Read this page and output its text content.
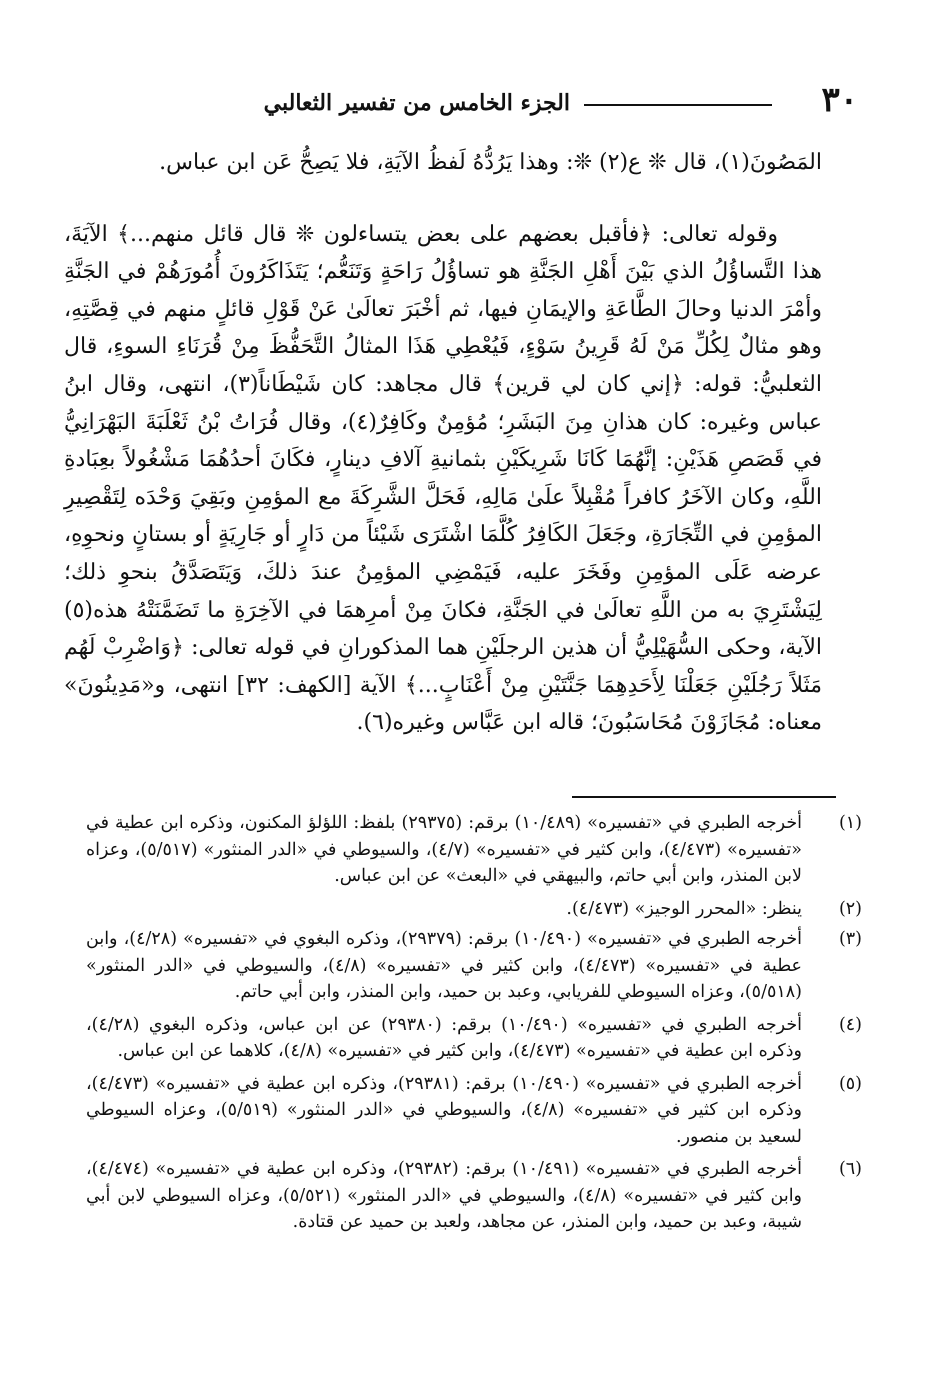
٣٠
الجزء الخامس من تفسير الثعالبي

المَصُونَ(١)، قال ❊ ع(٢) ❊: وهذا يَرُدُّهُ لَفظُ الآيَةِ، فلا يَصِحُّ عَن ابن عباس.

وقوله تعالى: ﴿فأقبل بعضهم على بعض يتساءلون ❊ قال قائل منهم...﴾ الآيَةَ، هذا التَّساؤُلُ الذي بَيْنَ أَهْلِ الجَنَّةِ هو تساؤُلُ رَاحَةٍ وَتَنَعُّم؛ يَتَذَاكَرُونَ أُمُورَهُمْ في الجَنَّةِ وأمْرَ الدنيا وحالَ الطَّاعَةِ والإيمَانِ فيها، ثم أخْبَرَ تعالَىٰ عَنْ قَوْلِ قائلٍ منهم في قِصَّتِهِ، وهو مثالٌ لِكُلِّ مَنْ لَهُ قَرِينُ سَوْءٍ، فَيُعْطِي هَذَا المثالُ التَّحَفُّظَ مِنْ قُرَنَاءِ السوءِ، قال الثعلبيُّ: قوله: ﴿إني كان لي قرين﴾ قال مجاهد: كان شَيْطَاناً(٣)، انتهى، وقال ابنُ عباس وغيره: كان هذانِ مِنَ البَشَرِ؛ مُؤمِنٌ وكَافِرٌ(٤)، وقال فُرَاتُ بْنُ ثَعْلَبَةَ البَهْرَانِيُّ في قَصَصِ هَذَيْنِ: إنَّهُمَا كَانَا شَرِيكَيْنِ بثمانيةِ آلافِ دينارٍ، فكَانَ أحدُهُمَا مَشْغُولاً بعِبَادةِ اللَّهِ، وكان الآخَرُ كافراً مُقْبِلاً علَىٰ مَالِهِ، فَحَلَّ الشَّرِكَةَ مع المؤمِنِ وبَقِيَ وَحْدَه لِتَقْصِيرِ المؤمِنِ في التِّجَارَةِ، وجَعَلَ الكَافِرُ كُلَّمَا اشْتَرَى شَيْئاً من دَارٍ أو جَارِيَةٍ أو بستانٍ ونحوِهِ، عرضه عَلَى المؤمِنِ وفَخَرَ عليه، فَيَمْضِي المؤمِنُ عندَ ذلكَ، وَيَتَصَدَّقُ بنحوِ ذلك؛ لِيَشْتَرِيَ به من اللَّهِ تعالَىٰ في الجَنَّةِ، فكانَ مِنْ أمرِهمَا في الآخِرَةِ ما تَضَمَّنَتْهُ هذه(٥) الآية، وحكى السُّهَيْلِيُّ أن هذين الرجلَيْنِ هما المذكورانِ في قوله تعالى: ﴿وَاضْرِبْ لَهُم مَثَلاً رَجُلَيْنِ جَعَلْنَا لِأَحَدِهِمَا جَنَّتَيْنِ مِنْ أَعْنَابٍ...﴾ الآية [الكهف: ٣٢] انتهى، و«مَدِينُونَ» معناه: مُجَازَوْنَ مُحَاسَبُونَ؛ قاله ابن عَبَّاس وغيره(٦).

(١)
أخرجه الطبري في «تفسيره» (١٠/٤٨٩) برقم: (٢٩٣٧٥) بلفظ: اللؤلؤ المكنون، وذكره ابن عطية في «تفسيره» (٤/٤٧٣)، وابن كثير في «تفسيره» (٤/٧)، والسيوطي في «الدر المنثور» (٥/٥١٧)، وعزاه لابن المنذر، وابن أبي حاتم، والبيهقي في «البعث» عن ابن عباس.
(٢)
ينظر: «المحرر الوجيز» (٤/٤٧٣).
(٣)
أخرجه الطبري في «تفسيره» (١٠/٤٩٠) برقم: (٢٩٣٧٩)، وذكره البغوي في «تفسيره» (٤/٢٨)، وابن عطية في «تفسيره» (٤/٤٧٣)، وابن كثير في «تفسيره» (٤/٨)، والسيوطي في «الدر المنثور» (٥/٥١٨)، وعزاه السيوطي للفريابي، وعبد بن حميد، وابن المنذر، وابن أبي حاتم.
(٤)
أخرجه الطبري في «تفسيره» (١٠/٤٩٠) برقم: (٢٩٣٨٠) عن ابن عباس، وذكره البغوي (٤/٢٨)، وذكره ابن عطية في «تفسيره» (٤/٤٧٣)، وابن كثير في «تفسيره» (٤/٨)، كلاهما عن ابن عباس.
(٥)
أخرجه الطبري في «تفسيره» (١٠/٤٩٠) برقم: (٢٩٣٨١)، وذكره ابن عطية في «تفسيره» (٤/٤٧٣)، وذكره ابن كثير في «تفسيره» (٤/٨)، والسيوطي في «الدر المنثور» (٥/٥١٩)، وعزاه السيوطي لسعيد بن منصور.
(٦)
أخرجه الطبري في «تفسيره» (١٠/٤٩١) برقم: (٢٩٣٨٢)، وذكره ابن عطية في «تفسيره» (٤/٤٧٤)، وابن كثير في «تفسيره» (٤/٨)، والسيوطي في «الدر المنثور» (٥/٥٢١)، وعزاه السيوطي لابن أبي شيبة، وعبد بن حميد، وابن المنذر، عن مجاهد، ولعبد بن حميد عن قتادة.
